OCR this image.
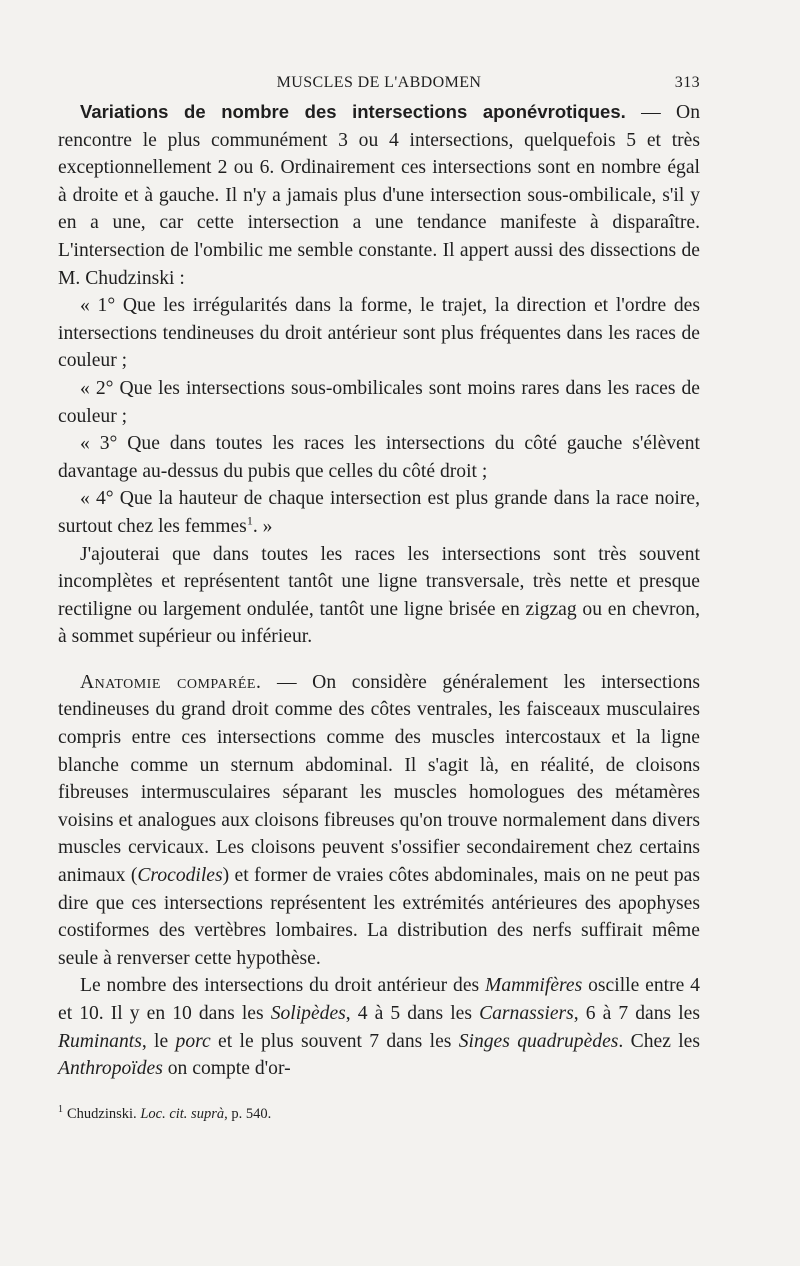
MUSCLES DE L'ABDOMEN	313

Variations de nombre des intersections aponévrotiques. — On rencontre le plus communément 3 ou 4 intersections, quelquefois 5 et très exceptionnellement 2 ou 6. Ordinairement ces intersections sont en nombre égal à droite et à gauche. Il n'y a jamais plus d'une intersection sous-ombilicale, s'il y en a une, car cette intersection a une tendance manifeste à disparaître. L'intersection de l'ombilic me semble constante. Il appert aussi des dissections de M. Chudzinski :

« 1° Que les irrégularités dans la forme, le trajet, la direction et l'ordre des intersections tendineuses du droit antérieur sont plus fréquentes dans les races de couleur ;

« 2° Que les intersections sous-ombilicales sont moins rares dans les races de couleur ;

« 3° Que dans toutes les races les intersections du côté gauche s'élèvent davantage au-dessus du pubis que celles du côté droit ;

« 4° Que la hauteur de chaque intersection est plus grande dans la race noire, surtout chez les femmes$^1$. »

J'ajouterai que dans toutes les races les intersections sont très souvent incomplètes et représentent tantôt une ligne transversale, très nette et presque rectiligne ou largement ondulée, tantôt une ligne brisée en zigzag ou en chevron, à sommet supérieur ou inférieur.

Anatomie comparée. — On considère généralement les intersections tendineuses du grand droit comme des côtes ventrales, les faisceaux musculaires compris entre ces intersections comme des muscles intercostaux et la ligne blanche comme un sternum abdominal. Il s'agit là, en réalité, de cloisons fibreuses intermusculaires séparant les muscles homologues des métamères voisins et analogues aux cloisons fibreuses qu'on trouve normalement dans divers muscles cervicaux. Les cloisons peuvent s'ossifier secondairement chez certains animaux (Crocodiles) et former de vraies côtes abdominales, mais on ne peut pas dire que ces intersections représentent les extrémités antérieures des apophyses costiformes des vertèbres lombaires. La distribution des nerfs suffirait même seule à renverser cette hypothèse.

Le nombre des intersections du droit antérieur des Mammifères oscille entre 4 et 10. Il y en 10 dans les Solipèdes, 4 à 5 dans les Carnassiers, 6 à 7 dans les Ruminants, le porc et le plus souvent 7 dans les Singes quadrupèdes. Chez les Anthropoïdes on compte d'or-

$^1$ Chudzinski. Loc. cit. suprà, p. 540.
